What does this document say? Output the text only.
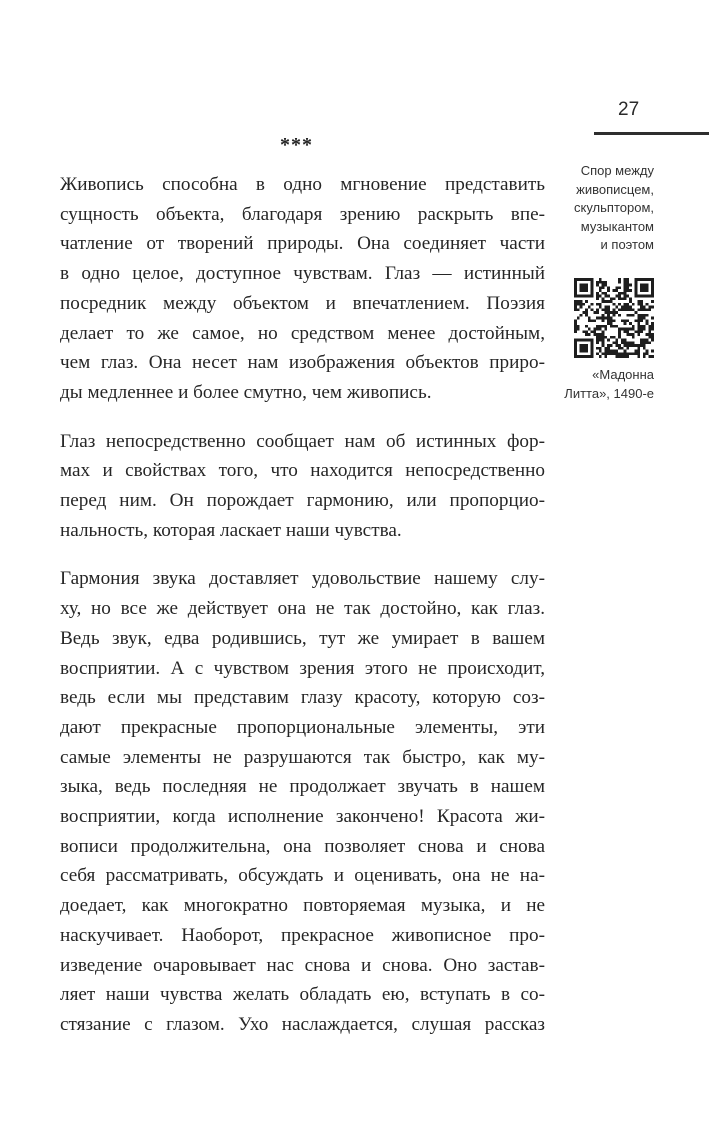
27
***

Живопись способна в одно мгновение представить
сущность объекта, благодаря зрению раскрыть впе-
чатление от творений природы. Она соединяет части
в одно целое, доступное чувствам. Глаз — истинный
посредник между объектом и впечатлением. Поэзия
делает то же самое, но средством менее достойным,
чем глаз. Она несет нам изображения объектов приро-
ды медленнее и более смутно, чем живопись.

Глаз непосредственно сообщает нам об истинных фор-
мах и свойствах того, что находится непосредственно
перед ним. Он порождает гармонию, или пропорцио-
нальность, которая ласкает наши чувства.

Гармония звука доставляет удовольствие нашему слу-
ху, но все же действует она не так достойно, как глаз.
Ведь звук, едва родившись, тут же умирает в вашем
восприятии. А с чувством зрения этого не происходит,
ведь если мы представим глазу красоту, которую соз-
дают прекрасные пропорциональные элементы, эти
самые элементы не разрушаются так быстро, как му-
зыка, ведь последняя не продолжает звучать в нашем
восприятии, когда исполнение закончено! Красота жи-
вописи продолжительна, она позволяет снова и снова
себя рассматривать, обсуждать и оценивать, она не на-
доедает, как многократно повторяемая музыка, и не
наскучивает. Наоборот, прекрасное живописное про-
изведение очаровывает нас снова и снова. Оно застав-
ляет наши чувства желать обладать ею, вступать в со-
стязание с глазом. Ухо наслаждается, слушая рассказ

Спор между
живописцем,
скульптором,
музыкантом
и поэтом
«Мадонна
Литта», 1490-е
